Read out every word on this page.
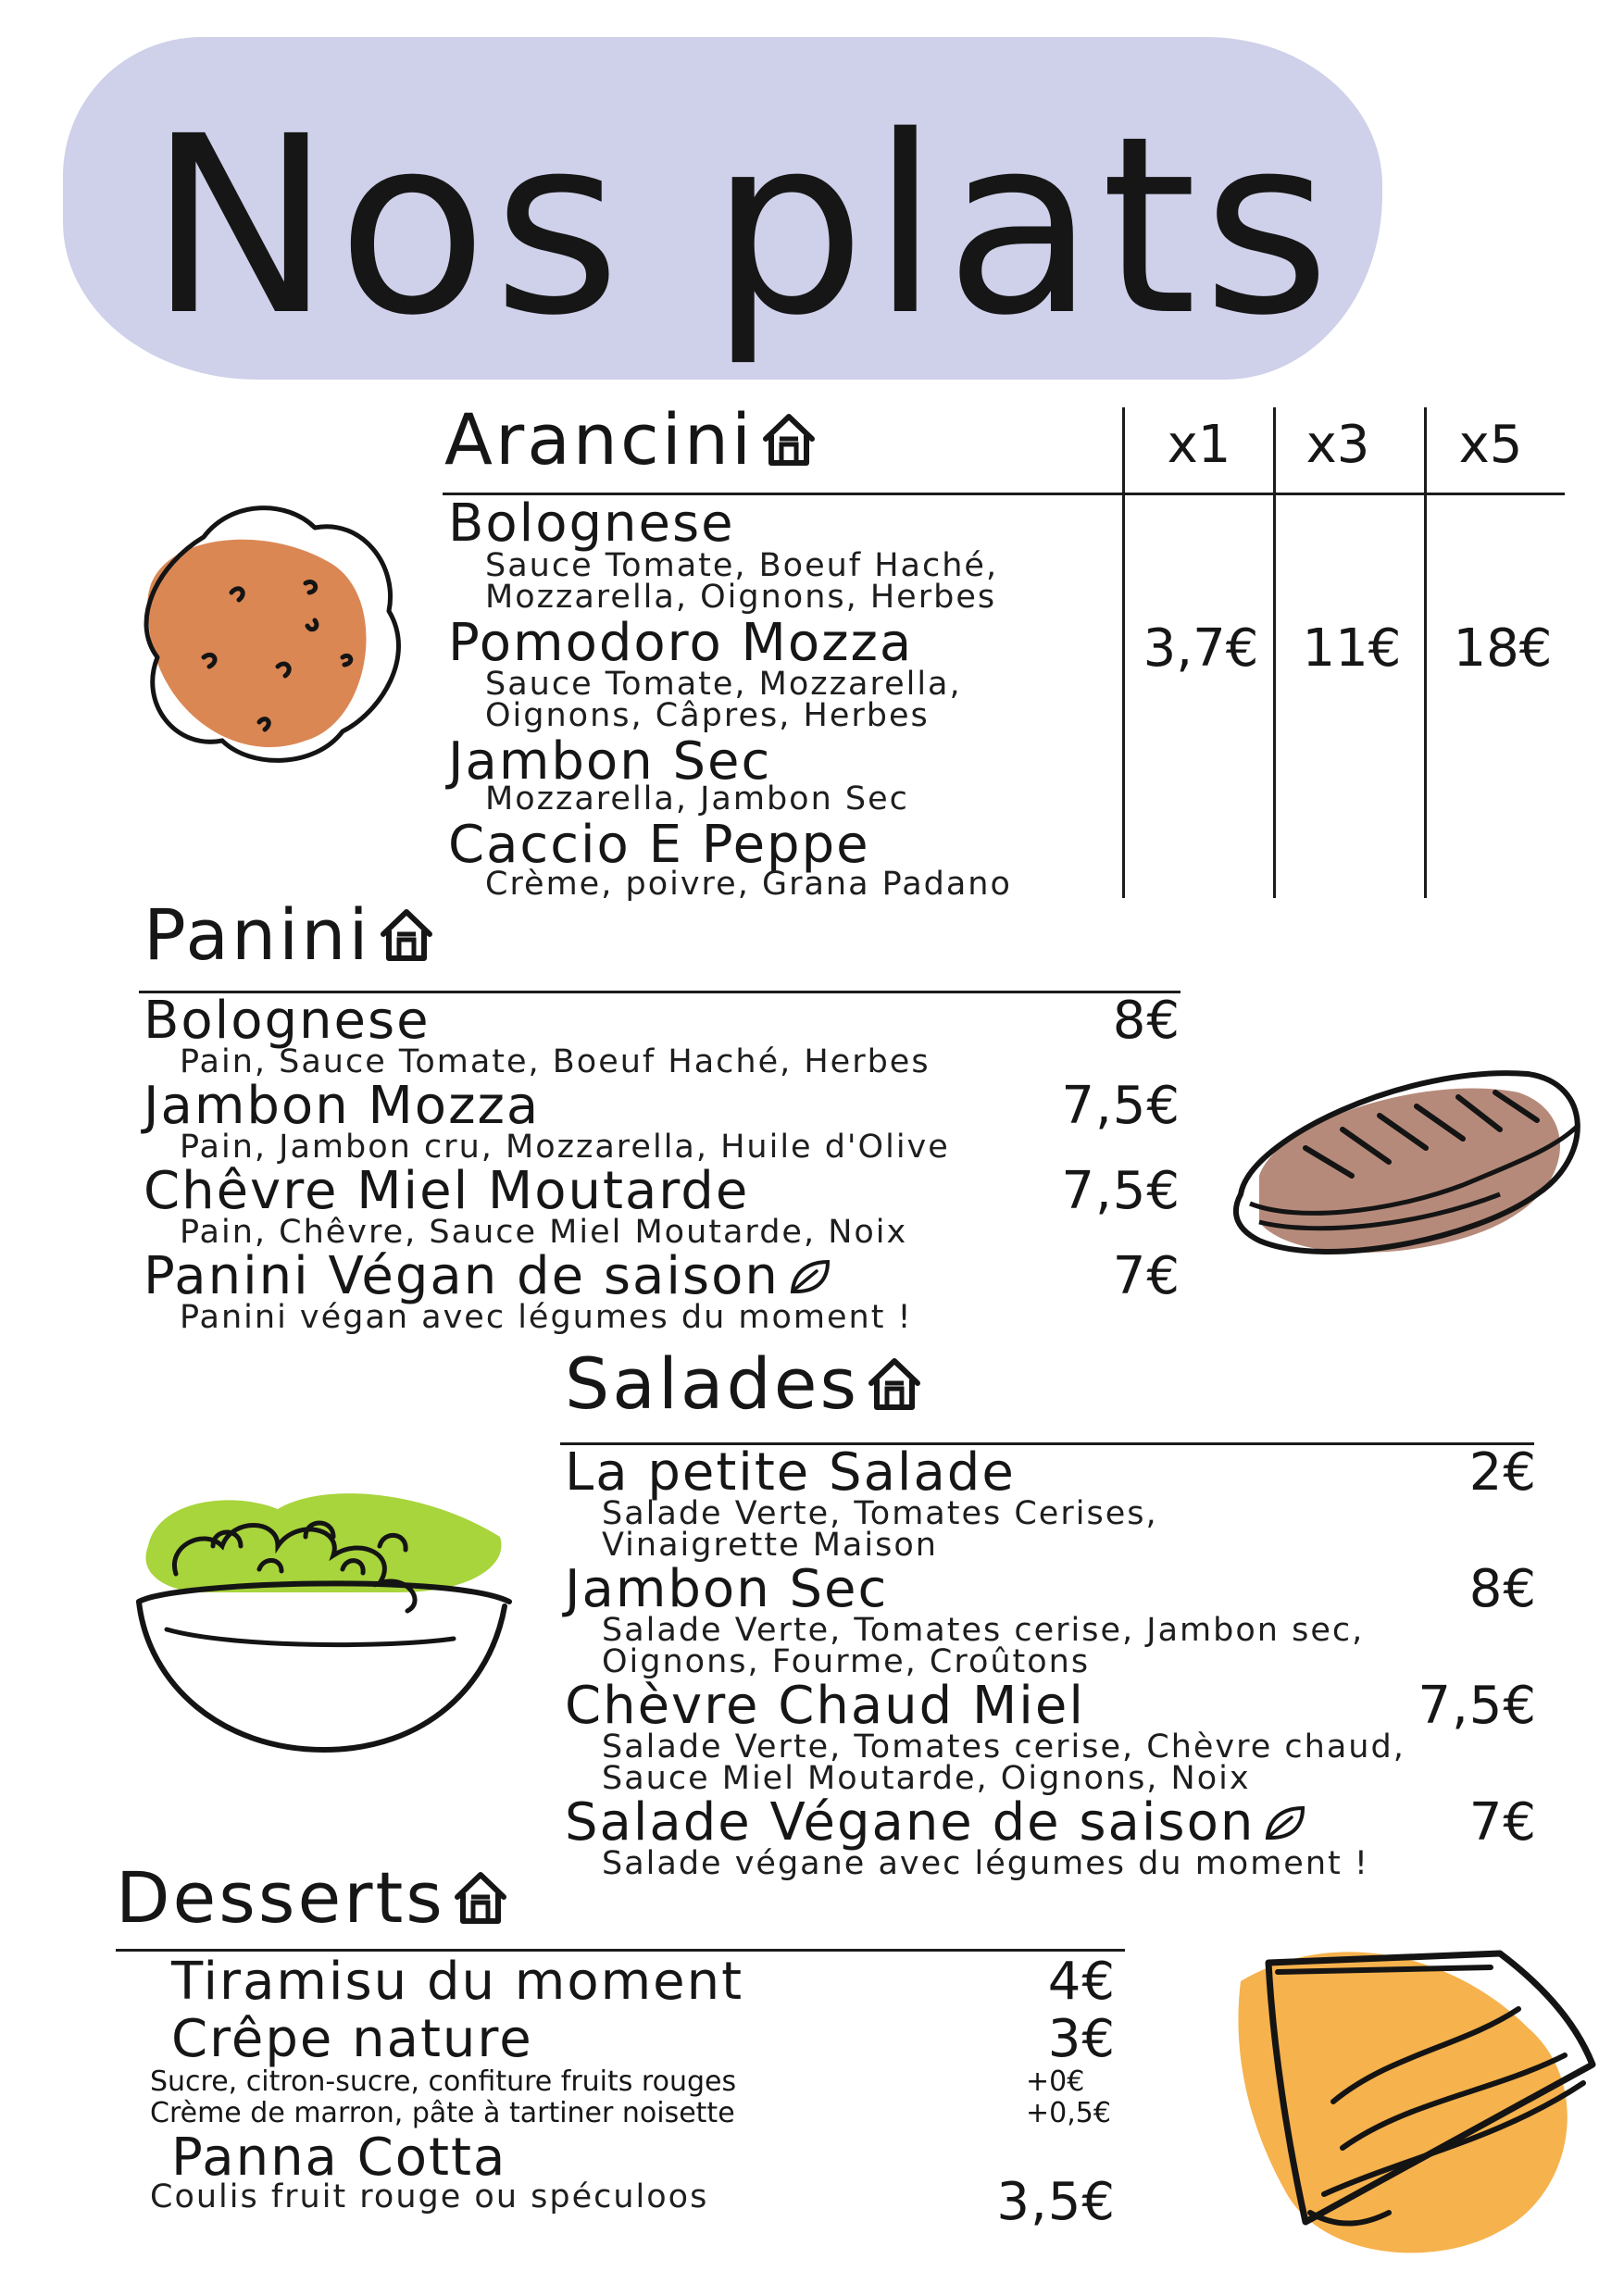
Nos plats
Arancini	x1	x3	x5
Bolognese
Sauce Tomate, Boeuf Haché, Mozzarella, Oignons, Herbes
Pomodoro Mozza
Sauce Tomate, Mozzarella, Oignons, Câpres, Herbes
Jambon Sec
Mozzarella, Jambon Sec
Caccio E Peppe
Crème, poivre, Grana Padano
3,7€ 11€	18€
Panini
Bolognese	8€
Pain, Sauce Tomate, Boeuf Haché, Herbes
Jambon Mozza	7,5€
Pain, Jambon cru, Mozzarella, Huile d'Olive
Chêvre Miel Moutarde	7,5€
Pain, Chêvre, Sauce Miel Moutarde, Noix
Panini Végan de saison	7€
Panini végan avec légumes du moment !
Salades
La petite Salade	2€
Salade Verte, Tomates Cerises, Vinaigrette Maison
Jambon Sec	8€
Salade Verte, Tomates cerise, Jambon sec, Oignons, Fourme, Croûtons
Chèvre Chaud Miel	7,5€
Salade Verte, Tomates cerise, Chèvre chaud, Sauce Miel Moutarde, Oignons, Noix
Salade Végane de saison	7€
Salade végane avec légumes du moment !
Desserts
Tiramisu du moment	4€
Crêpe nature	3€
Sucre, citron-sucre, confiture fruits rouges	+0€
Crème de marron, pâte à tartiner noisette	+0,5€
Panna Cotta
Coulis fruit rouge ou spéculoos	3,5€
